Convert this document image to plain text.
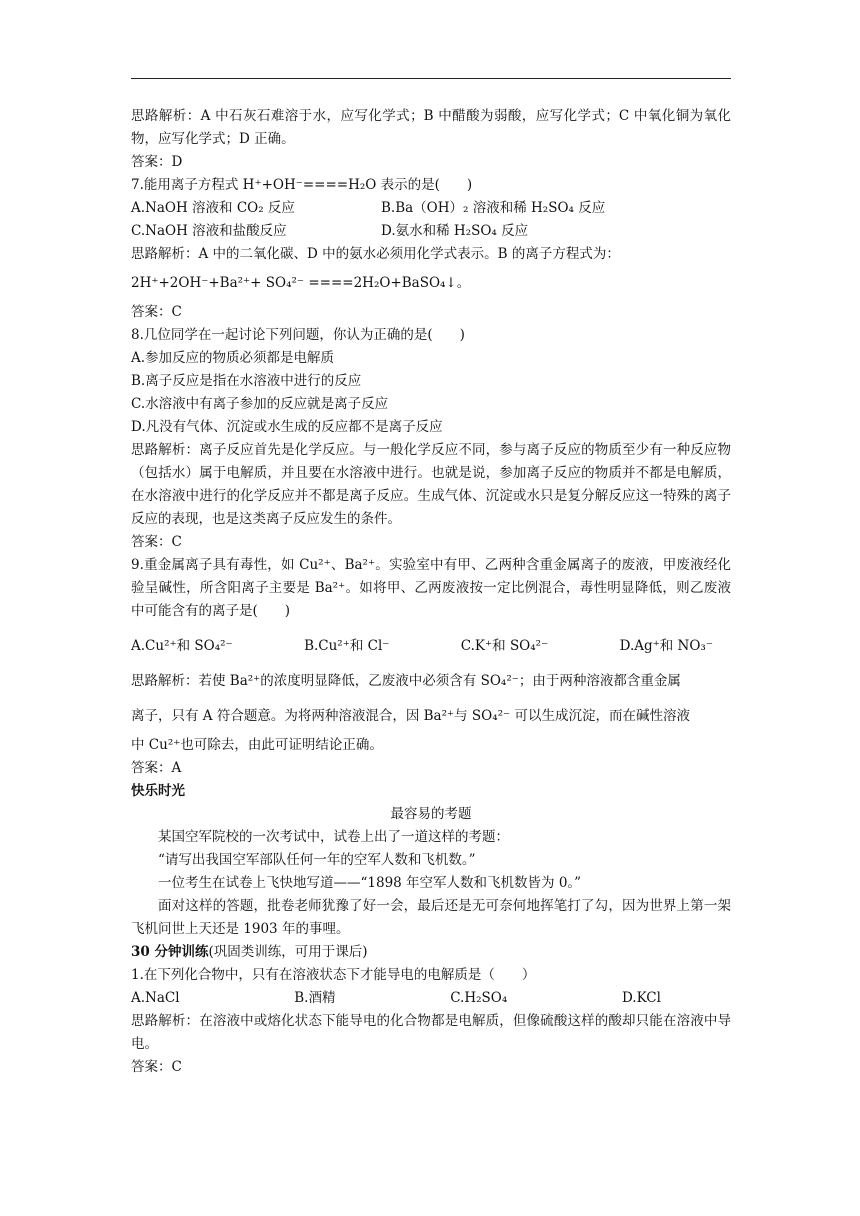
思路解析：A 中石灰石难溶于水，应写化学式；B 中醋酸为弱酸，应写化学式；C 中氧化铜为氧化物，应写化学式；D 正确。

答案：D

7.能用离子方程式 H⁺+OH⁻====H₂O 表示的是(　　)

A.NaOH 溶液和 CO₂ 反应	B.Ba（OH）₂ 溶液和稀 H₂SO₄ 反应
C.NaOH 溶液和盐酸反应	D.氨水和稀 H₂SO₄ 反应

思路解析：A 中的二氧化碳、D 中的氨水必须用化学式表示。B 的离子方程式为：

2H⁺+2OH⁻+Ba²⁺+ SO₄²⁻ ====2H₂O+BaSO₄↓。

答案：C

8.几位同学在一起讨论下列问题，你认为正确的是(　　)

A.参加反应的物质必须都是电解质

B.离子反应是指在水溶液中进行的反应

C.水溶液中有离子参加的反应就是离子反应

D.凡没有气体、沉淀或水生成的反应都不是离子反应

思路解析：离子反应首先是化学反应。与一般化学反应不同，参与离子反应的物质至少有一种反应物（包括水）属于电解质，并且要在水溶液中进行。也就是说，参加离子反应的物质并不都是电解质，在水溶液中进行的化学反应并不都是离子反应。生成气体、沉淀或水只是复分解反应这一特殊的离子反应的表现，也是这类离子反应发生的条件。

答案：C

9.重金属离子具有毒性，如 Cu²⁺、Ba²⁺。实验室中有甲、乙两种含重金属离子的废液，甲废液经化验呈碱性，所含阳离子主要是 Ba²⁺。如将甲、乙两废液按一定比例混合，毒性明显降低，则乙废液中可能含有的离子是(　　)

A.Cu²⁺和 SO₄²⁻	B.Cu²⁺和 Cl⁻	C.K⁺和 SO₄²⁻	D.Ag⁺和 NO₃⁻

思路解析：若使 Ba²⁺的浓度明显降低，乙废液中必须含有 SO₄²⁻；由于两种溶液都含重金属

离子，只有 A 符合题意。为将两种溶液混合，因 Ba²⁺与 SO₄²⁻ 可以生成沉淀，而在碱性溶液

中 Cu²⁺也可除去，由此可证明结论正确。

答案：A

快乐时光

最容易的考题

某国空军院校的一次考试中，试卷上出了一道这样的考题：

“请写出我国空军部队任何一年的空军人数和飞机数。”

一位考生在试卷上飞快地写道——“1898 年空军人数和飞机数皆为 0。”

面对这样的答题，批卷老师犹豫了好一会，最后还是无可奈何地挥笔打了勾，因为世界上第一架飞机问世上天还是 1903 年的事哩。

30 分钟训练(巩固类训练，可用于课后)

1.在下列化合物中，只有在溶液状态下才能导电的电解质是（　　）

A.NaCl	B.酒精	C.H₂SO₄	D.KCl

思路解析：在溶液中或熔化状态下能导电的化合物都是电解质，但像硫酸这样的酸却只能在溶液中导电。

答案：C
